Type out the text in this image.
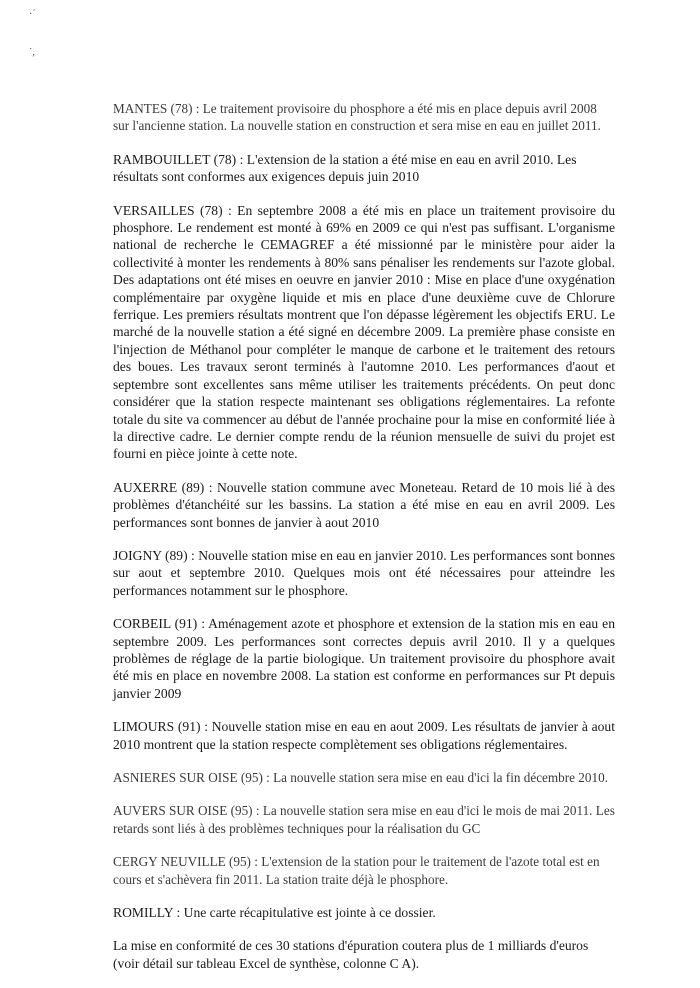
·´
˙,

MANTES (78) : Le traitement provisoire du phosphore a été mis en place depuis avril 2008 sur l'ancienne station. La nouvelle station en construction et sera mise en eau en juillet 2011.

RAMBOUILLET (78) : L'extension de la station a été mise en eau en avril 2010. Les résultats sont conformes aux exigences depuis juin 2010

VERSAILLES (78) : En septembre 2008 a été mis en place un traitement provisoire du phosphore. Le rendement est monté à 69% en 2009 ce qui n'est pas suffisant. L'organisme national de recherche le CEMAGREF a été missionné par le ministère pour aider la collectivité à monter les rendements à 80% sans pénaliser les rendements sur l'azote global. Des adaptations ont été mises en oeuvre en janvier 2010 : Mise en place d'une oxygénation complémentaire par oxygène liquide et mis en place d'une deuxième cuve de Chlorure ferrique. Les premiers résultats montrent que l'on dépasse légèrement les objectifs ERU. Le marché de la nouvelle station a été signé en décembre 2009. La première phase consiste en l'injection de Méthanol pour compléter le manque de carbone et le traitement des retours des boues. Les travaux seront terminés à l'automne 2010. Les performances d'aout et septembre sont excellentes sans même utiliser les traitements précédents. On peut donc considérer que la station respecte maintenant ses obligations réglementaires. La refonte totale du site va commencer au début de l'année prochaine pour la mise en conformité liée à la directive cadre. Le dernier compte rendu de la réunion mensuelle de suivi du projet est fourni en pièce jointe à cette note.

AUXERRE (89) : Nouvelle station commune avec Moneteau. Retard de 10 mois lié à des problèmes d'étanchéité sur les bassins. La station a été mise en eau en avril 2009. Les performances sont bonnes de janvier à aout 2010

JOIGNY (89) : Nouvelle station mise en eau en janvier 2010. Les performances sont bonnes sur aout et septembre 2010. Quelques mois ont été nécessaires pour atteindre les performances notamment sur le phosphore.

CORBEIL (91) : Aménagement azote et phosphore et extension de la station mis en eau en septembre 2009. Les performances sont correctes depuis avril 2010. Il y a quelques problèmes de réglage de la partie biologique. Un traitement provisoire du phosphore avait été mis en place en novembre 2008. La station est conforme en performances sur Pt depuis janvier 2009

LIMOURS (91) : Nouvelle station mise en eau en aout 2009. Les résultats de janvier à aout 2010 montrent que la station respecte complètement ses obligations réglementaires.

ASNIERES SUR OISE (95) : La nouvelle station sera mise en eau d'ici la fin décembre 2010.

AUVERS SUR OISE (95) : La nouvelle station sera mise en eau d'ici le mois de mai 2011. Les retards sont liés à des problèmes techniques pour la réalisation du GC

CERGY NEUVILLE (95) : L'extension de la station pour le traitement de l'azote total est en cours et s'achèvera fin 2011. La station traite déjà le phosphore.

ROMILLY : Une carte récapitulative est jointe à ce dossier.

La mise en conformité de ces 30 stations d'épuration coutera plus de 1 milliards d'euros (voir détail sur tableau Excel de synthèse, colonne C A).
